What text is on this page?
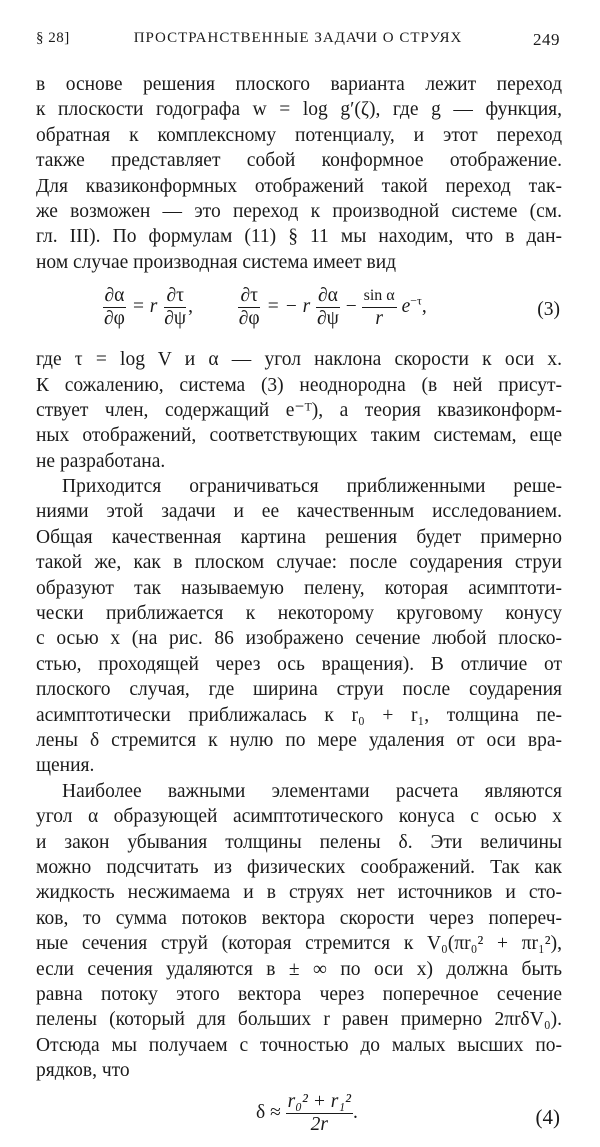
§ 28]	ПРОСТРАНСТВЕННЫЕ ЗАДАЧИ О СТРУЯХ	249
в основе решения плоского варианта лежит переход
к плоскости годографа w = log g′(ζ), где g — функция,
обратная к комплексному потенциалу, и этот переход
также представляет собой конформное отображение.
Для квазиконформных отображений такой переход так-
же возможен — это переход к производной системе (см.
гл. III). По формулам (11) § 11 мы находим, что в дан-
ном случае производная система имеет вид
$\frac{\partial\alpha}{\partial\varphi} = r \frac{\partial\tau}{\partial\psi}$ , $\frac{\partial\tau}{\partial\varphi}$ = − r $\frac{\partial\alpha}{\partial\psi} - \frac{\text{sin α}}{r} e^{-\tau}$,	(3)
где τ = log V и α — угол наклона скорости к оси x.
К сожалению, система (3) неоднородна (в ней присут-
ствует член, содержащий e⁻ᵀ), а теория квазиконформ-
ных отображений, соответствующих таким системам, еще
не разработана.
Приходится ограничиваться приближенными реше-
ниями этой задачи и ее качественным исследованием.
Общая качественная картина решения будет примерно
такой же, как в плоском случае: после соударения струи
образуют так называемую пелену, которая асимптоти-
чески приближается к некоторому круговому конусу
с осью x (на рис. 86 изображено сечение любой плоско-
стью, проходящей через ось вращения). В отличие от
плоского случая, где ширина струи после соударения
асимптотически приближалась к r₀ + r₁, толщина пе-
лены δ стремится к нулю по мере удаления от оси вра-
щения.
Наиболее важными элементами расчета являются
угол α образующей асимптотического конуса с осью x
и закон убывания толщины пелены δ. Эти величины
можно подсчитать из физических соображений. Так как
жидкость несжимаема и в струях нет источников и сто-
ков, то сумма потоков вектора скорости через попереч-
ные сечения струй (которая стремится к V₀(πr₀² + πr₁²),
если сечения удаляются в ± ∞ по оси x) должна быть
равна потоку этого вектора через поперечное сечение
пелены (который для больших r равен примерно 2πrδV₀).
Отсюда мы получаем с точностью до малых высших по-
рядков, что
$\delta \approx \frac{\text{r₀² + r₁²}}{2r}$ .	(4)
